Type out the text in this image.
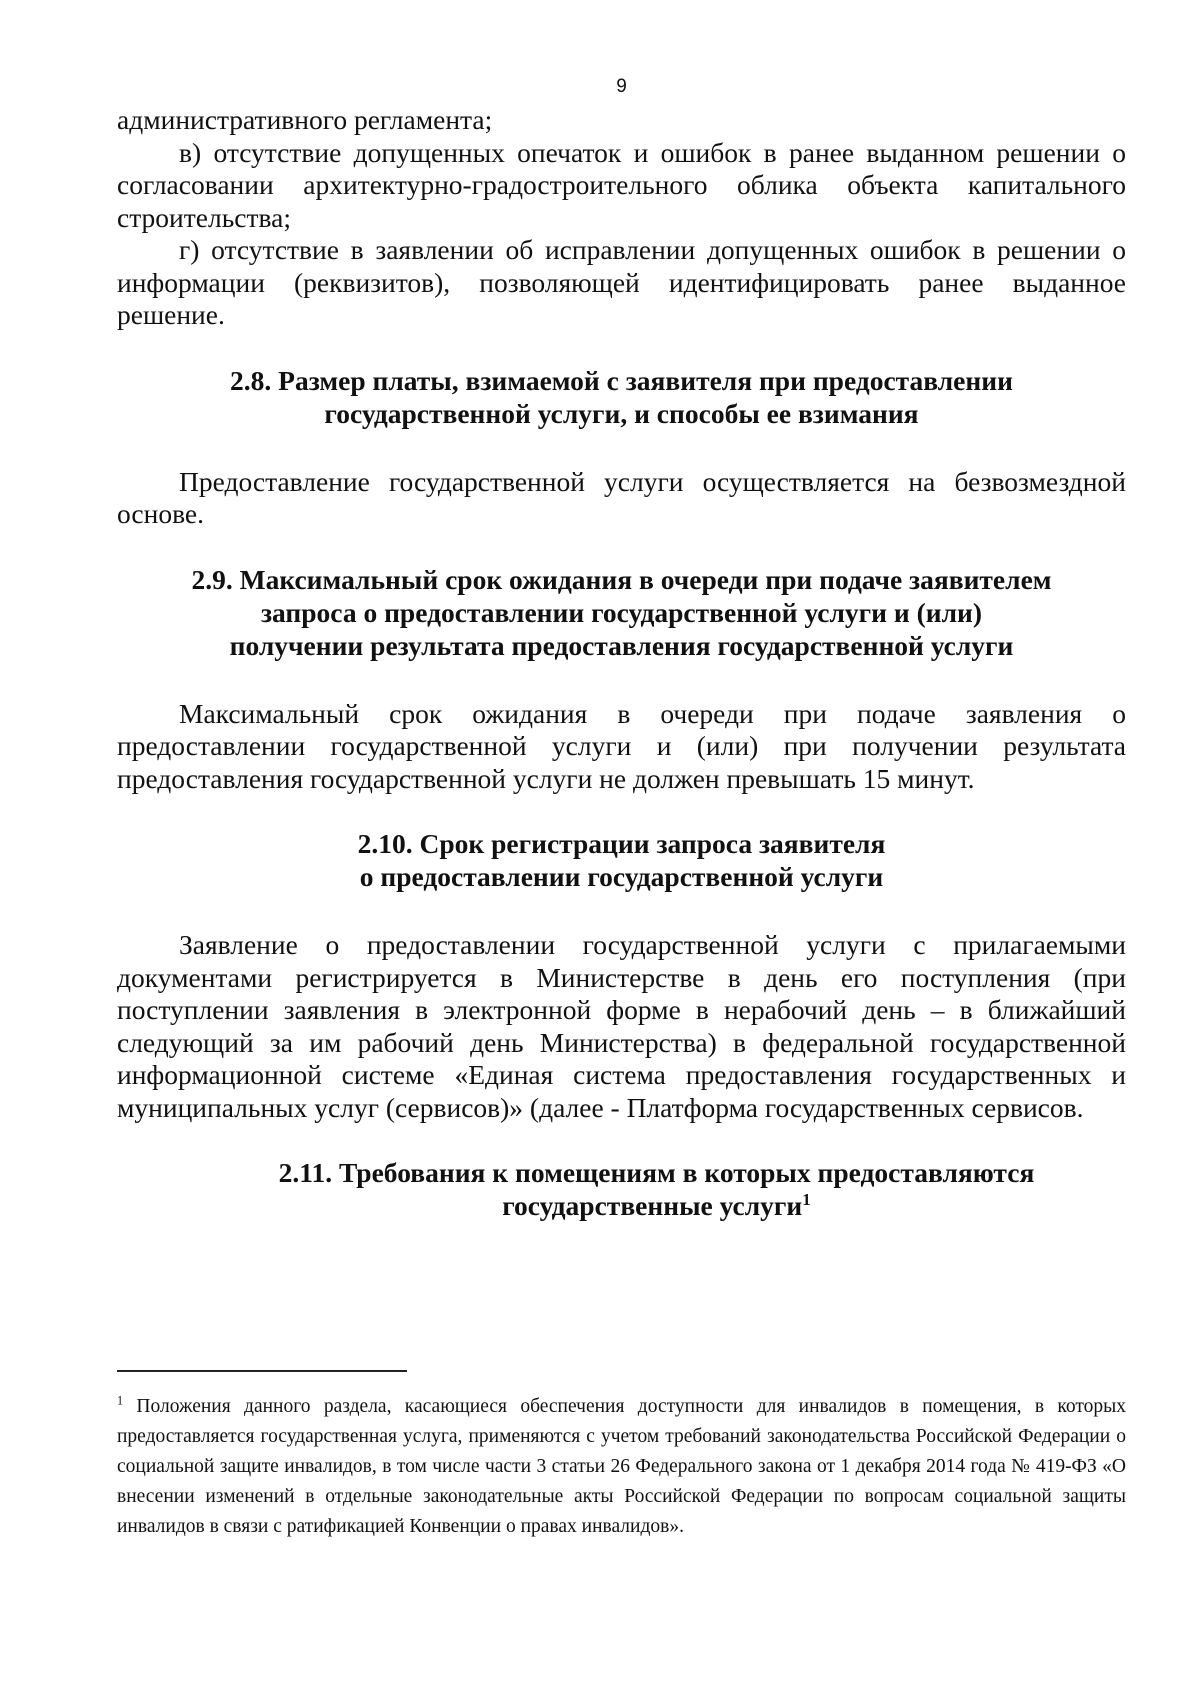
9

административного регламента;

в) отсутствие допущенных опечаток и ошибок в ранее выданном решении о согласовании архитектурно-градостроительного облика объекта капитального строительства;

г) отсутствие в заявлении об исправлении допущенных ошибок в решении о информации (реквизитов), позволяющей идентифицировать ранее выданное решение.

2.8. Размер платы, взимаемой с заявителя при предоставлении
государственной услуги, и способы ее взимания

Предоставление государственной услуги осуществляется на безвозмездной основе.

2.9. Максимальный срок ожидания в очереди при подаче заявителем
запроса о предоставлении государственной услуги и (или)
получении результата предоставления государственной услуги

Максимальный срок ожидания в очереди при подаче заявления о предоставлении государственной услуги и (или) при получении результата предоставления государственной услуги не должен превышать 15 минут.

2.10. Срок регистрации запроса заявителя
о предоставлении государственной услуги

Заявление о предоставлении государственной услуги с прилагаемыми документами регистрируется в Министерстве в день его поступления (при поступлении заявления в электронной форме в нерабочий день – в ближайший следующий за им рабочий день Министерства) в федеральной государственной информационной системе «Единая система предоставления государственных и муниципальных услуг (сервисов)» (далее - Платформа государственных сервисов.

2.11. Требования к помещениям в которых предоставляются
государственные услуги$^1$

$^1$ Положения данного раздела, касающиеся обеспечения доступности для инвалидов в помещения, в которых предоставляется государственная услуга, применяются с учетом требований законодательства Российской Федерации о социальной защите инвалидов, в том числе части 3 статьи 26 Федерального закона от 1 декабря 2014 года № 419-ФЗ «О внесении изменений в отдельные законодательные акты Российской Федерации по вопросам социальной защиты инвалидов в связи с ратификацией Конвенции о правах инвалидов».
